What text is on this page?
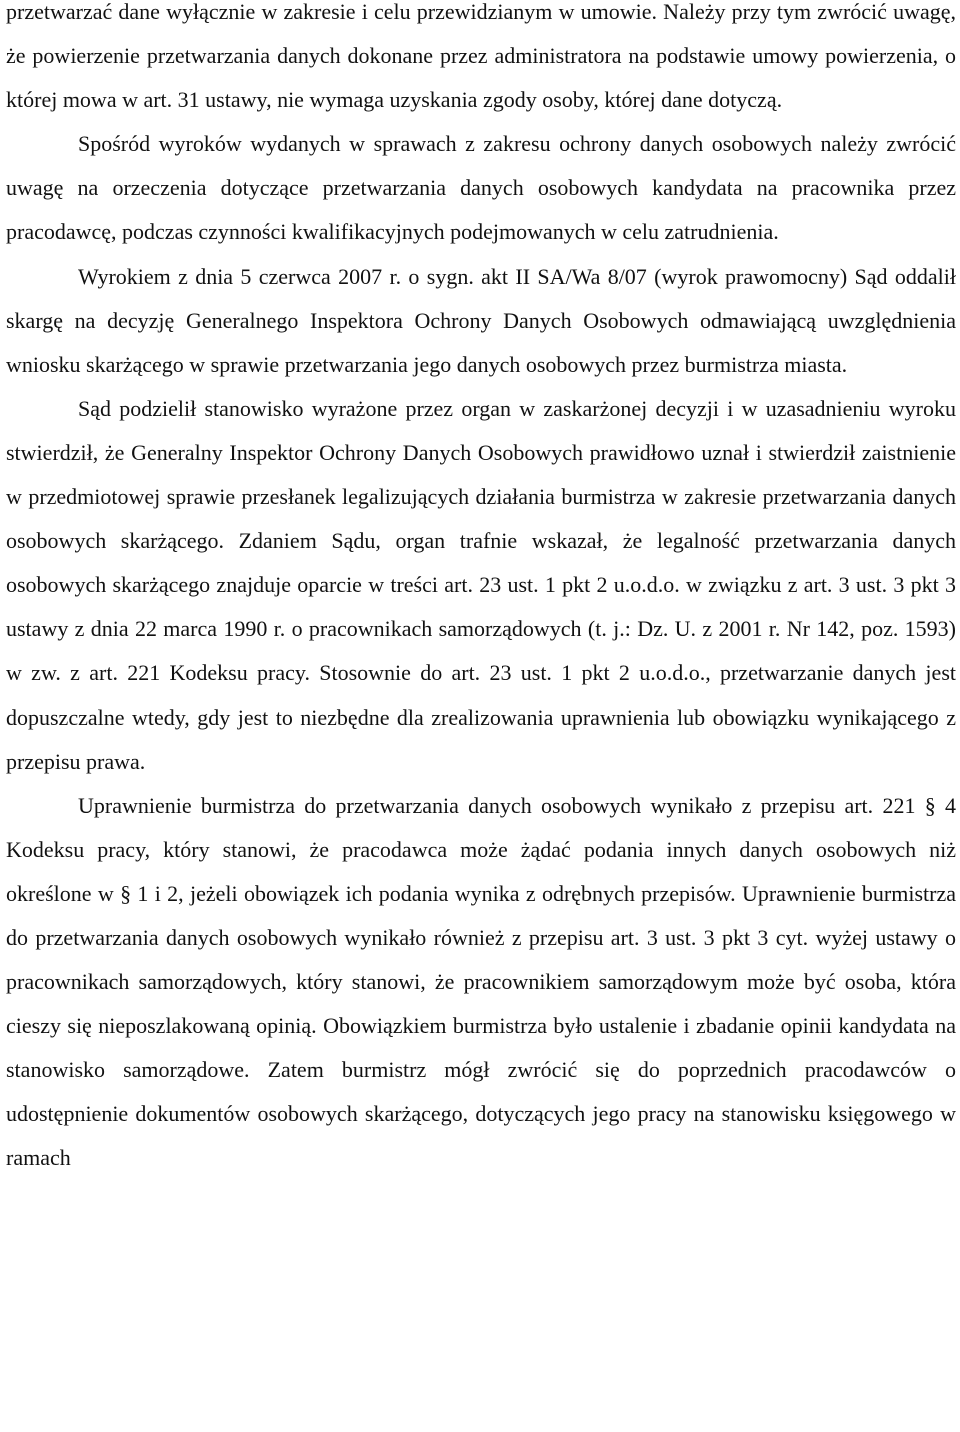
przetwarzać dane wyłącznie w zakresie i celu przewidzianym w umowie. Należy przy tym zwrócić uwagę, że powierzenie przetwarzania danych dokonane przez administratora na podstawie umowy powierzenia, o której mowa w art. 31 ustawy, nie wymaga uzyskania zgody osoby, której dane dotyczą.

Spośród wyroków wydanych w sprawach z zakresu ochrony danych osobowych należy zwrócić uwagę na orzeczenia dotyczące przetwarzania danych osobowych kandydata na pracownika przez pracodawcę, podczas czynności kwalifikacyjnych podejmowanych w celu zatrudnienia.

Wyrokiem z dnia 5 czerwca 2007 r. o sygn. akt II SA/Wa 8/07 (wyrok prawomocny) Sąd oddalił skargę na decyzję Generalnego Inspektora Ochrony Danych Osobowych odmawiającą uwzględnienia wniosku skarżącego w sprawie przetwarzania jego danych osobowych przez burmistrza miasta.

Sąd podzielił stanowisko wyrażone przez organ w zaskarżonej decyzji i w uzasadnieniu wyroku stwierdził, że Generalny Inspektor Ochrony Danych Osobowych prawidłowo uznał i stwierdził zaistnienie w przedmiotowej sprawie przesłanek legalizujących działania burmistrza w zakresie przetwarzania danych osobowych skarżącego. Zdaniem Sądu, organ trafnie wskazał, że legalność przetwarzania danych osobowych skarżącego znajduje oparcie w treści art. 23 ust. 1 pkt 2 u.o.d.o. w związku z art. 3 ust. 3 pkt 3 ustawy z dnia 22 marca 1990 r. o pracownikach samorządowych (t. j.: Dz. U. z 2001 r. Nr 142, poz. 1593) w zw. z art. 221 Kodeksu pracy. Stosownie do art. 23 ust. 1 pkt 2 u.o.d.o., przetwarzanie danych jest dopuszczalne wtedy, gdy jest to niezbędne dla zrealizowania uprawnienia lub obowiązku wynikającego z przepisu prawa.

Uprawnienie burmistrza do przetwarzania danych osobowych wynikało z przepisu art. 221 § 4 Kodeksu pracy, który stanowi, że pracodawca może żądać podania innych danych osobowych niż określone w § 1 i 2, jeżeli obowiązek ich podania wynika z odrębnych przepisów. Uprawnienie burmistrza do przetwarzania danych osobowych wynikało również z przepisu art. 3 ust. 3 pkt 3 cyt. wyżej ustawy o pracownikach samorządowych, który stanowi, że pracownikiem samorządowym może być osoba, która cieszy się nieposzlakowaną opinią. Obowiązkiem burmistrza było ustalenie i zbadanie opinii kandydata na stanowisko samorządowe. Zatem burmistrz mógł zwrócić się do poprzednich pracodawców o udostępnienie dokumentów osobowych skarżącego, dotyczących jego pracy na stanowisku księgowego w ramach
